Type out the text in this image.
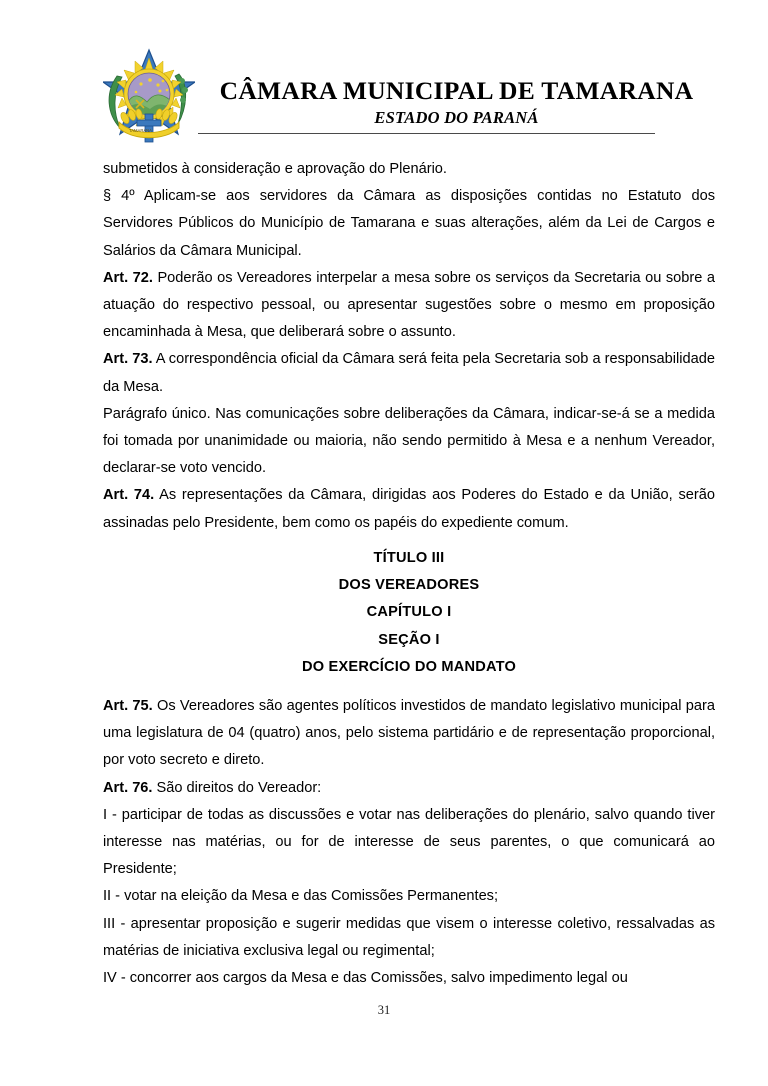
TAMARANA
CÂMARA MUNICIPAL DE TAMARANA
ESTADO DO PARANÁ

submetidos à consideração e aprovação do Plenário.

§ 4º Aplicam-se aos servidores da Câmara as disposições contidas no Estatuto dos Servidores Públicos do Município de Tamarana e suas alterações, além da Lei de Cargos e Salários da Câmara Municipal.

Art. 72. Poderão os Vereadores interpelar a mesa sobre os serviços da Secretaria ou sobre a atuação do respectivo pessoal, ou apresentar sugestões sobre o mesmo em proposição encaminhada à Mesa, que deliberará sobre o assunto.

Art. 73. A correspondência oficial da Câmara será feita pela Secretaria sob a responsabilidade da Mesa.

Parágrafo único. Nas comunicações sobre deliberações da Câmara, indicar-se-á se a medida foi tomada por unanimidade ou maioria, não sendo permitido à Mesa e a nenhum Vereador, declarar-se voto vencido.

Art. 74. As representações da Câmara, dirigidas aos Poderes do Estado e da União, serão assinadas pelo Presidente, bem como os papéis do expediente comum.

TÍTULO III
DOS VEREADORES
CAPÍTULO I
SEÇÃO I
DO EXERCÍCIO DO MANDATO

Art. 75. Os Vereadores são agentes políticos investidos de mandato legislativo municipal para uma legislatura de 04 (quatro) anos, pelo sistema partidário e de representação proporcional, por voto secreto e direto.

Art. 76. São direitos do Vereador:

I - participar de todas as discussões e votar nas deliberações do plenário, salvo quando tiver interesse nas matérias, ou for de interesse de seus parentes, o que comunicará ao Presidente;

II - votar na eleição da Mesa e das Comissões Permanentes;

III - apresentar proposição e sugerir medidas que visem o interesse coletivo, ressalvadas as matérias de iniciativa exclusiva legal ou regimental;

IV - concorrer aos cargos da Mesa e das Comissões, salvo impedimento legal ou

31
